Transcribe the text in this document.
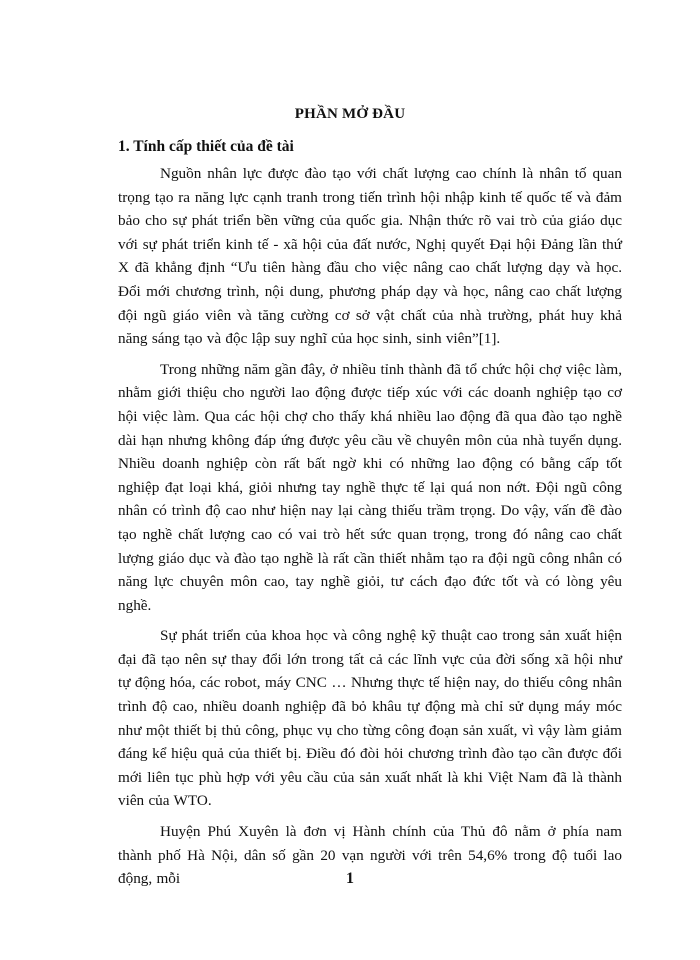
PHẦN MỞ ĐẦU
1. Tính cấp thiết của đề tài

Nguồn nhân lực được đào tạo với chất lượng cao chính là nhân tố quan trọng tạo ra năng lực cạnh tranh trong tiến trình hội nhập kinh tế quốc tế và đảm bảo cho sự phát triển bền vững của quốc gia. Nhận thức rõ vai trò của giáo dục với sự phát triển kinh tế - xã hội của đất nước, Nghị quyết Đại hội Đảng lần thứ X đã khẳng định “Ưu tiên hàng đầu cho việc nâng cao chất lượng dạy và học. Đổi mới chương trình, nội dung, phương pháp dạy và học, nâng cao chất lượng đội ngũ giáo viên và tăng cường cơ sở vật chất của nhà trường, phát huy khả năng sáng tạo và độc lập suy nghĩ của học sinh, sinh viên”[1].

Trong những năm gần đây, ở nhiều tỉnh thành đã tổ chức hội chợ việc làm, nhằm giới thiệu cho người lao động được tiếp xúc với các doanh nghiệp tạo cơ hội việc làm. Qua các hội chợ cho thấy khá nhiều lao động đã qua đào tạo nghề dài hạn nhưng không đáp ứng được yêu cầu về chuyên môn của nhà tuyển dụng. Nhiều doanh nghiệp còn rất bất ngờ khi có những lao động có bằng cấp tốt nghiệp đạt loại khá, giỏi nhưng tay nghề thực tế lại quá non nớt. Đội ngũ công nhân có trình độ cao như hiện nay lại càng thiếu trầm trọng. Do vậy, vấn đề đào tạo nghề chất lượng cao có vai trò hết sức quan trọng, trong đó nâng cao chất lượng giáo dục và đào tạo nghề là rất cần thiết nhằm tạo ra đội ngũ công nhân có năng lực chuyên môn cao, tay nghề giỏi, tư cách đạo đức tốt và có lòng yêu nghề.

Sự phát triển của khoa học và công nghệ kỹ thuật cao trong sản xuất hiện đại đã tạo nên sự thay đổi lớn trong tất cả các lĩnh vực của đời sống xã hội như tự động hóa, các robot, máy CNC … Nhưng thực tế hiện nay, do thiếu công nhân trình độ cao, nhiều doanh nghiệp đã bỏ khâu tự động mà chỉ sử dụng máy móc như một thiết bị thủ công, phục vụ cho từng công đoạn sản xuất, vì vậy làm giảm đáng kể hiệu quả của thiết bị. Điều đó đòi hỏi chương trình đào tạo cần được đổi mới liên tục phù hợp với yêu cầu của sản xuất nhất là khi Việt Nam đã là thành viên của WTO.

Huyện Phú Xuyên là đơn vị Hành chính của Thủ đô nằm ở phía nam thành phố Hà Nội, dân số gần 20 vạn người với trên 54,6% trong độ tuổi lao động, mỗi	1
